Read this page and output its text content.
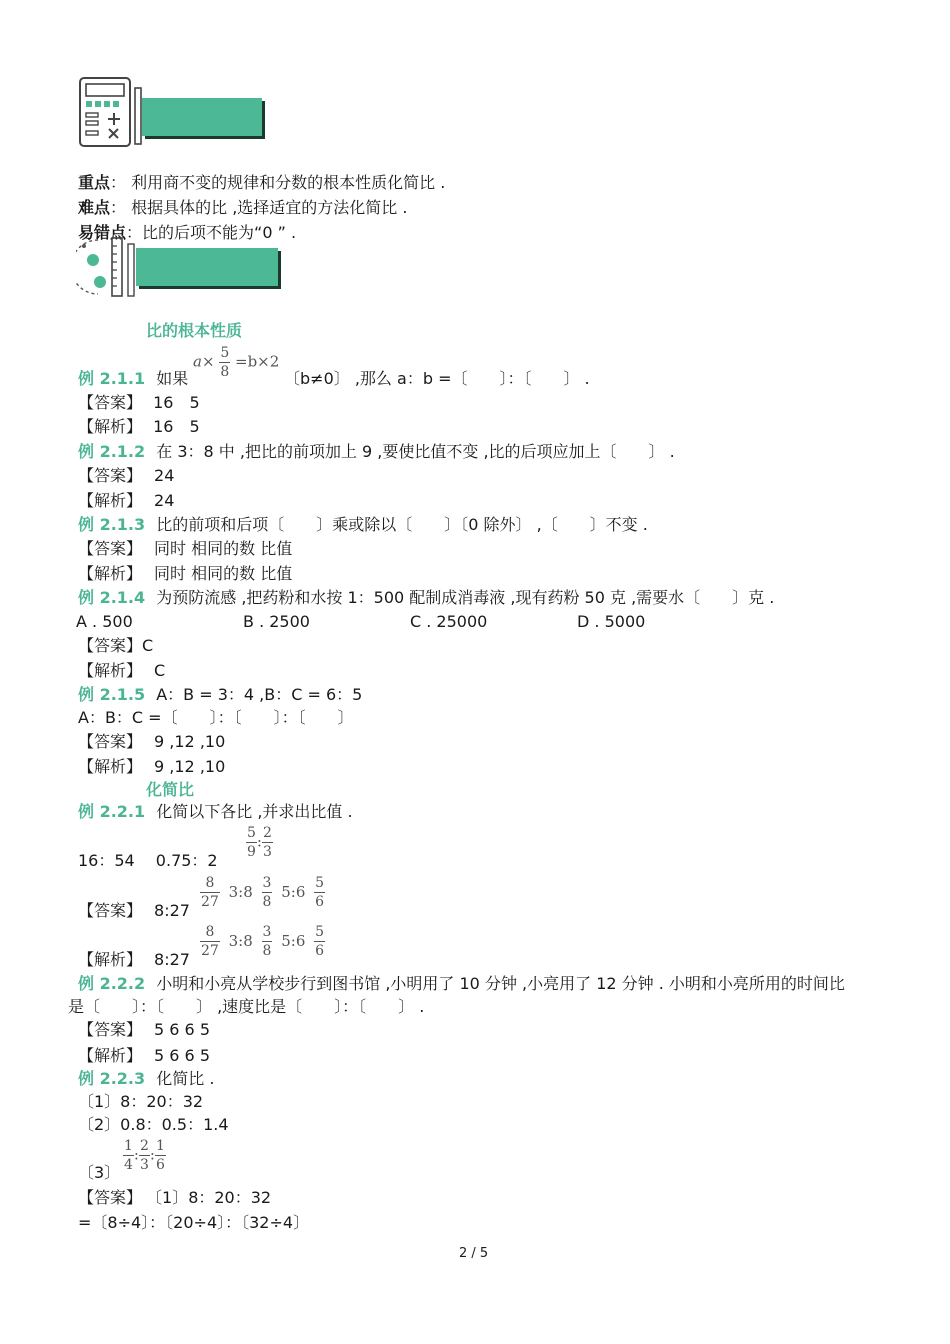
重点： 利用商不变的规律和分数的根本性质化简比 .
难点： 根据具体的比 ,选择适宜的方法化简比 .
易错点：比的后项不能为“0 ” .
比的根本性质
例 2.1.1 如果
$a\times \frac{5}{8} =b\times 2$
〔b≠0〕 ,那么 a：b =〔　　〕：〔　　〕 .
【答案】 16　5
【解析】 16　5
例 2.1.2 在 3：8 中 ,把比的前项加上 9 ,要使比值不变 ,比的后项应加上〔　　〕 .
【答案】 24
【解析】 24
例 2.1.3 比的前项和后项〔　　〕乘或除以〔　　〕〔0 除外〕 ,〔　　〕不变 .
【答案】 同时 相同的数 比值
【解析】 同时 相同的数 比值
例 2.1.4 为预防流感 ,把药粉和水按 1：500 配制成消毒液 ,现有药粉 50 克 ,需要水〔　　〕克 .
A . 500	B . 2500	C . 25000	D . 5000
【答案】C
【解析】 C
例 2.1.5 A：B = 3：4 ,B：C = 6：5
A：B：C =〔　　〕：〔　　〕：〔　　〕
【答案】 9 ,12 ,10
【解析】 9 ,12 ,10
化简比
例 2.2.1 化简以下各比 ,并求出比值 .
16：54　 0.75：$2 \frac{5}{9}$ : $\frac{2}{3}$
【答案】 8:27 $\frac{8}{27}$ 3:8 $\frac{3}{8}$ 5:6 $\frac{5}{6}$
【解析】 8:27 $\frac{8}{27}$ 3:8 $\frac{3}{8}$ 5:6 $\frac{5}{6}$
例 2.2.2 小明和小亮从学校步行到图书馆 ,小明用了 10 分钟 ,小亮用了 12 分钟 . 小明和小亮所用的时间比
是〔　　〕：〔　　〕 ,速度比是〔　　〕：〔　　〕 .
【答案】 5 6 6 5
【解析】 5 6 6 5
例 2.2.3 化简比 .
〔1〕8：20：32
〔2〕0.8：0.5：1.4
〔3〕 $\frac{1}{4}$ : $\frac{2}{3}$ : $\frac{1}{6}$
【答案】 〔1〕8：20：32
=〔8÷4〕：〔20÷4〕：〔32÷4〕
2 / 5
